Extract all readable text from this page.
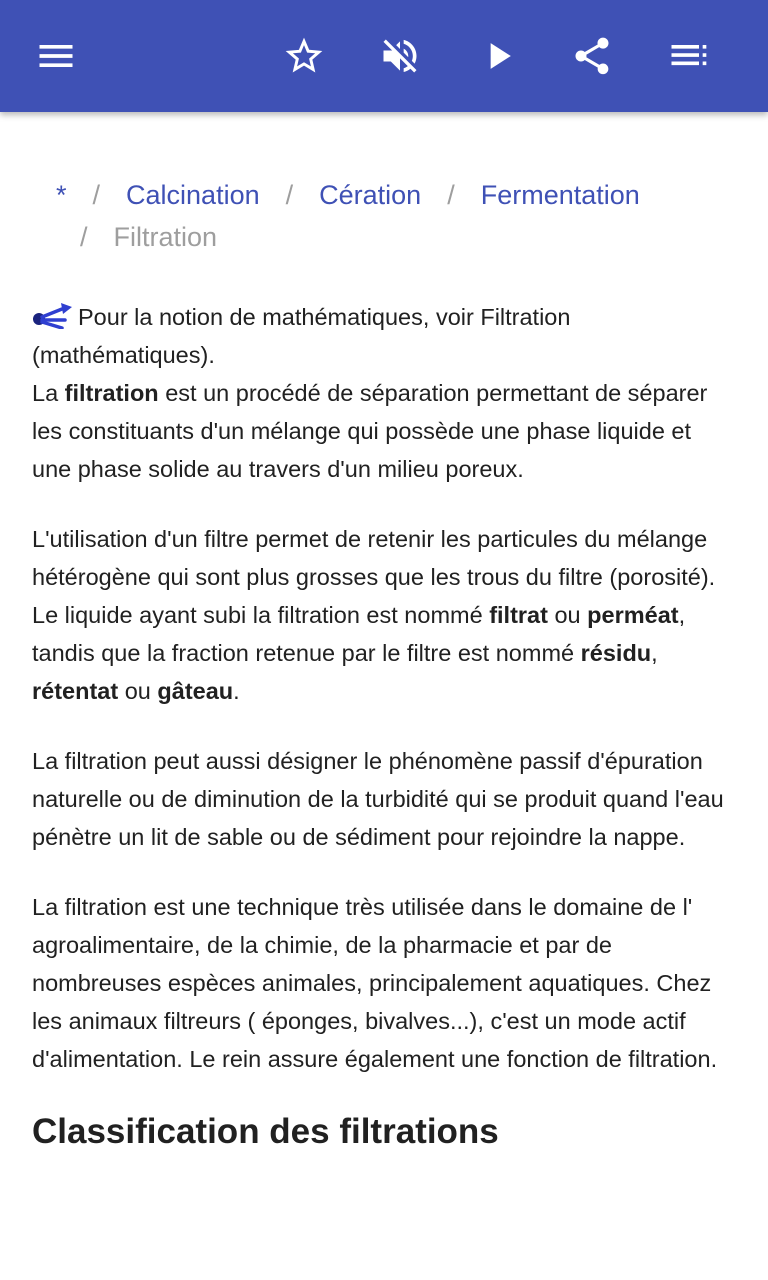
* / Calcination / Cération / Fermentation
/ Filtration

Pour la notion de mathématiques, voir Filtration (mathématiques).

La filtration est un procédé de séparation permettant de séparer les constituants d'un mélange qui possède une phase liquide et une phase solide au travers d'un milieu poreux.

L'utilisation d'un filtre permet de retenir les particules du mélange hétérogène qui sont plus grosses que les trous du filtre (porosité). Le liquide ayant subi la filtration est nommé filtrat ou perméat, tandis que la fraction retenue par le filtre est nommé résidu, rétentat ou gâteau.

La filtration peut aussi désigner le phénomène passif d'épuration naturelle ou de diminution de la turbidité qui se produit quand l'eau pénètre un lit de sable ou de sédiment pour rejoindre la nappe.

La filtration est une technique très utilisée dans le domaine de l' agroalimentaire, de la chimie, de la pharmacie et par de nombreuses espèces animales, principalement aquatiques. Chez les animaux filtreurs ( éponges, bivalves...), c'est un mode actif d'alimentation. Le rein assure également une fonction de filtration.

Classification des filtrations
